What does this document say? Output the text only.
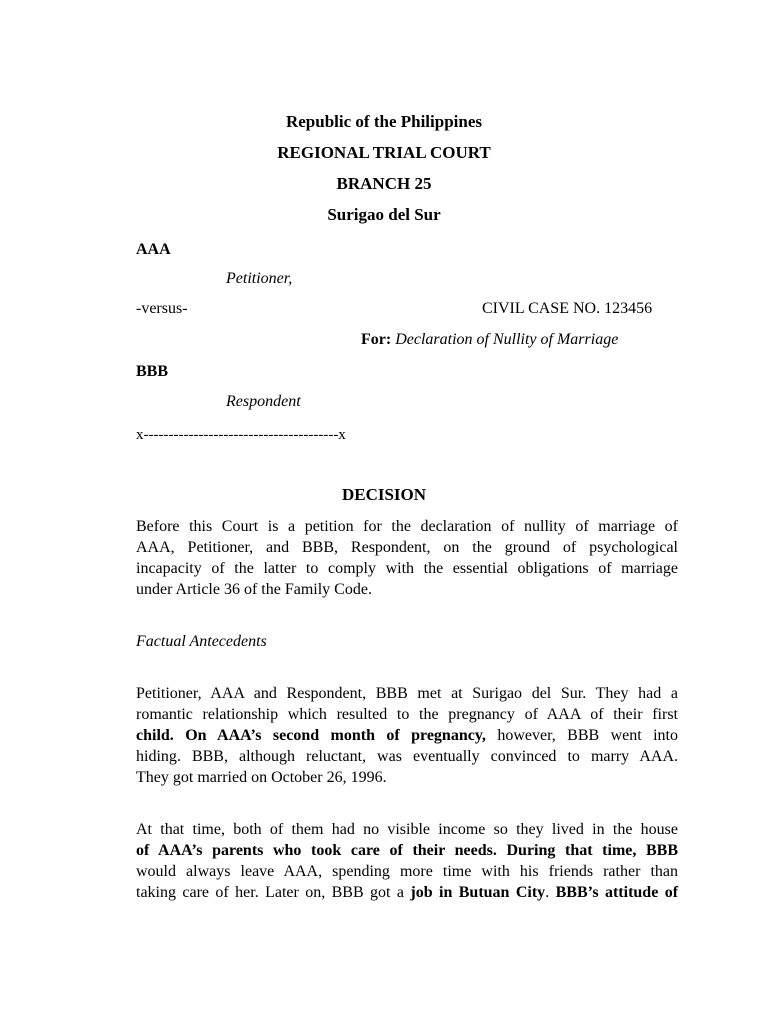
Republic of the Philippines
REGIONAL TRIAL COURT
BRANCH 25
Surigao del Sur
AAA
Petitioner,
-versus-	CIVIL CASE NO. 123456
For: Declaration of Nullity of Marriage
BBB
Respondent
x---------------------------------------x
DECISION
Before this Court is a petition for the declaration of nullity of marriage of
AAA, Petitioner, and BBB, Respondent, on the ground of psychological
incapacity of the latter to comply with the essential obligations of marriage
under Article 36 of the Family Code.
Factual Antecedents
Petitioner, AAA and Respondent, BBB met at Surigao del Sur. They had a
romantic relationship which resulted to the pregnancy of AAA of their first
child. On AAA’s second month of pregnancy, however, BBB went into
hiding. BBB, although reluctant, was eventually convinced to marry AAA.
They got married on October 26, 1996.
At that time, both of them had no visible income so they lived in the house
of AAA’s parents who took care of their needs. During that time, BBB
would always leave AAA, spending more time with his friends rather than
taking care of her. Later on, BBB got a job in Butuan City. BBB’s attitude of
